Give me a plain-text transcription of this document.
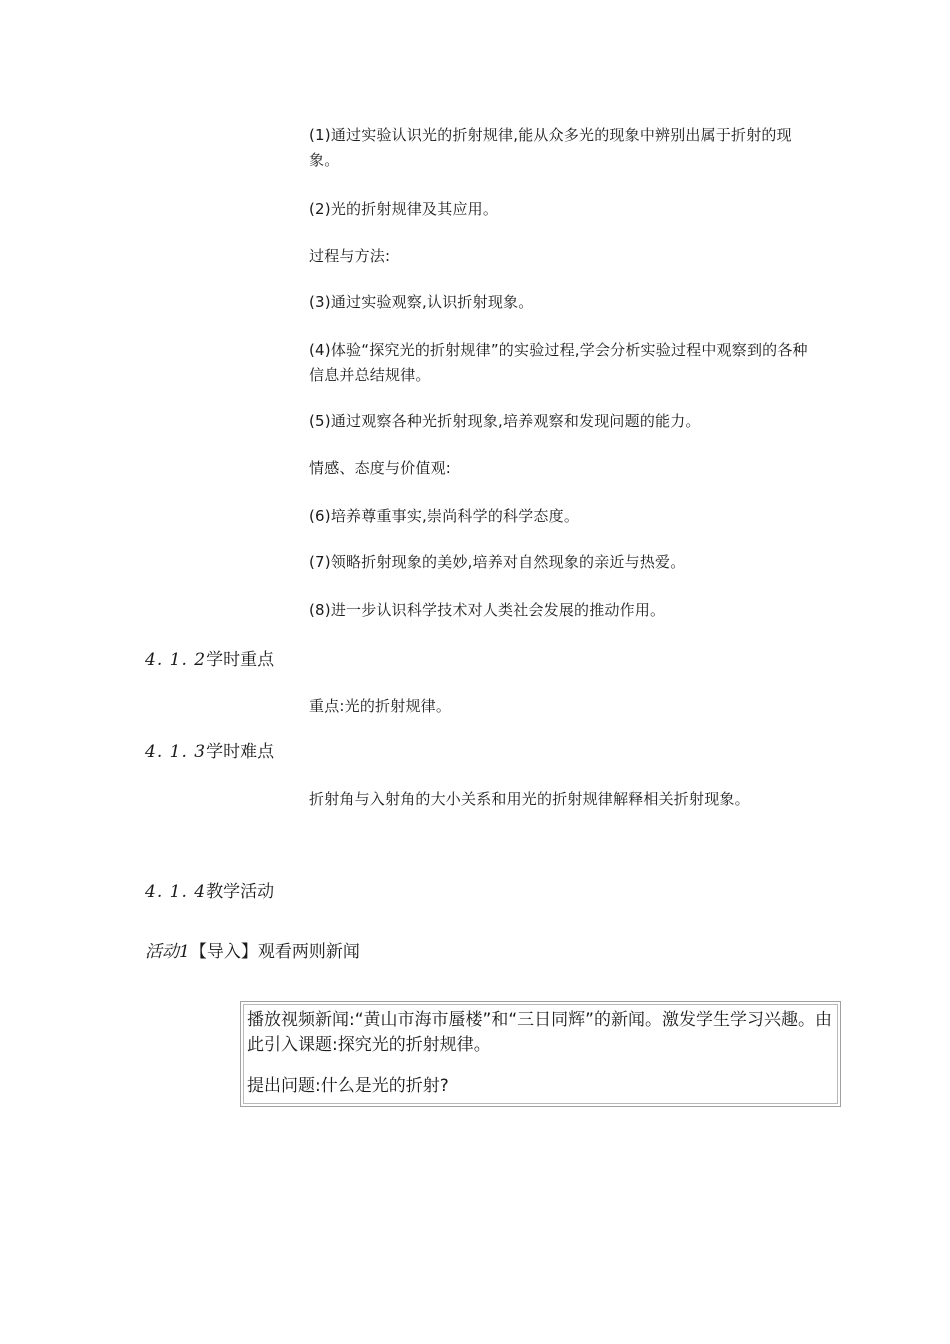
(1)通过实验认识光的折射规律,能从众多光的现象中辨别出属于折射的现象。
(2)光的折射规律及其应用。
过程与方法:
(3)通过实验观察,认识折射现象。
(4)体验“探究光的折射规律”的实验过程,学会分析实验过程中观察到的各种信息并总结规律。
(5)通过观察各种光折射现象,培养观察和发现问题的能力。
情感、态度与价值观:
(6)培养尊重事实,崇尚科学的科学态度。
(7)领略折射现象的美妙,培养对自然现象的亲近与热爱。
(8)进一步认识科学技术对人类社会发展的推动作用。
4. 1. 2学时重点
重点:光的折射规律。
4. 1. 3学时难点
折射角与入射角的大小关系和用光的折射规律解释相关折射现象。
4. 1. 4教学活动
活动1【导入】观看两则新闻

播放视频新闻:“黄山市海市蜃楼”和“三日同辉”的新闻。激发学生学习兴趣。由此引入课题:探究光的折射规律。

提出问题:什么是光的折射?
